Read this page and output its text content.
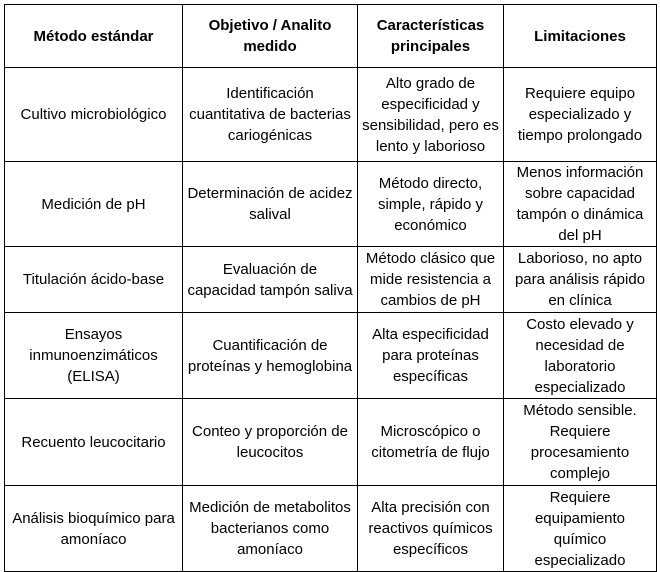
Método estándar	Objetivo / Analito medido	Características principales	Limitaciones
Cultivo microbiológico	Identificación cuantitativa de bacterias cariogénicas	Alto grado de especificidad y sensibilidad, pero es lento y laborioso	Requiere equipo especializado y tiempo prolongado
Medición de pH	Determinación de acidez salival	Método directo, simple, rápido y económico	Menos información sobre capacidad tampón o dinámica del pH
Titulación ácido-base	Evaluación de capacidad tampón saliva	Método clásico que mide resistencia a cambios de pH	Laborioso, no apto para análisis rápido en clínica
Ensayos inmunoenzimáticos (ELISA)	Cuantificación de proteínas y hemoglobina	Alta especificidad para proteínas específicas	Costo elevado y necesidad de laboratorio especializado
Recuento leucocitario	Conteo y proporción de leucocitos	Microscópico o citometría de flujo	Método sensible. Requiere procesamiento complejo
Análisis bioquímico para amoníaco	Medición de metabolitos bacterianos como amoníaco	Alta precisión con reactivos químicos específicos	Requiere equipamiento químico especializado
